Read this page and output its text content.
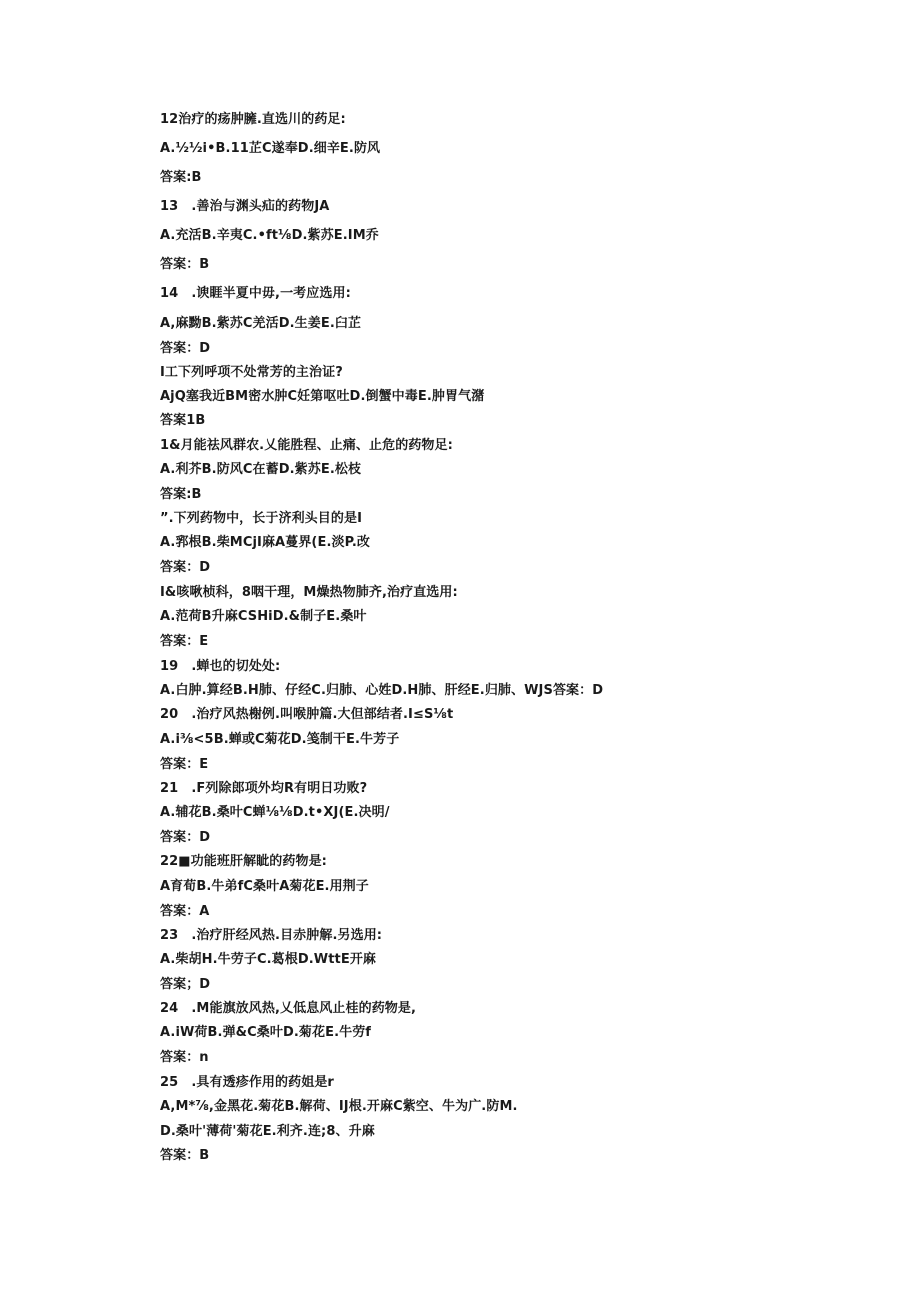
12治疗的疡肿臃.直选川的药足:
A.½½i•B.11芷C遂奉D.细辛E.防风
答案:B
13　.善治与渊头疝的药物JA
A.充活B.辛夷C.•ft⅛D.紫苏E.IM乔
答案：B
14　.谀睚半夏中毋,一考应选用:
A,麻黝B.紫苏C羌活D.生姜E.臼芷
答案：D
I工下列呼项不处常芳的主治证?
AjQ塞我近BM密水肿C妊第呕吐D.倒蟹中毒E.肿胃气潴
答案1B
1&月能祛风群农.乂能胜程、止痛、止危的药物足:
A.利芥B.防风C在蓄D.紫苏E.松枝
答案:B
”.下列药物中，长于济利头目的是I
A.郛根B.柴MCjI麻A蔓界(E.淡P.改
答案：D
I&咳啾桢科，8咽干理，M燥热物肺齐,治疗直选用:
A.范荷B升麻CSHiD.&制子E.桑叶
答案：E
19　.蝉也的切处处:
A.白肿.算经B.H肺、仔经C.归肺、心姓D.H肺、肝经E.归肺、WJS答案：D
20　.治疗风热榭例.叫喉肿篇.大但部结者.I≤S⅛t
A.i⅜<5B.蝉或C菊花D.笺制干E.牛芳子
答案：E
21　.F列除郎项外均R有明日功败?
A.辅花B.桑叶C蝉⅛⅛D.t•XJ(E.决明/
答案：D
22■功能班肝解眦的药物是:
A育荀B.牛弟fC桑叶A菊花E.用荆子
答案：A
23　.治疗肝经风热.目赤肿解.另选用:
A.柴胡H.牛劳子C.葛根D.WttE开麻
答案；D
24　.M能旗放风热,乂低息风止桂的药物是,
A.iW荷B.弹&C桑叶D.菊花E.牛劳f
答案：n
25　.具有透疹作用的药姐是r
A,M*⅞,金黑花.菊花B.解荷、IJ根.开麻C紫空、牛为广.防M.
D.桑叶'薄荷'菊花E.利齐.连;8、升麻
答案：B
